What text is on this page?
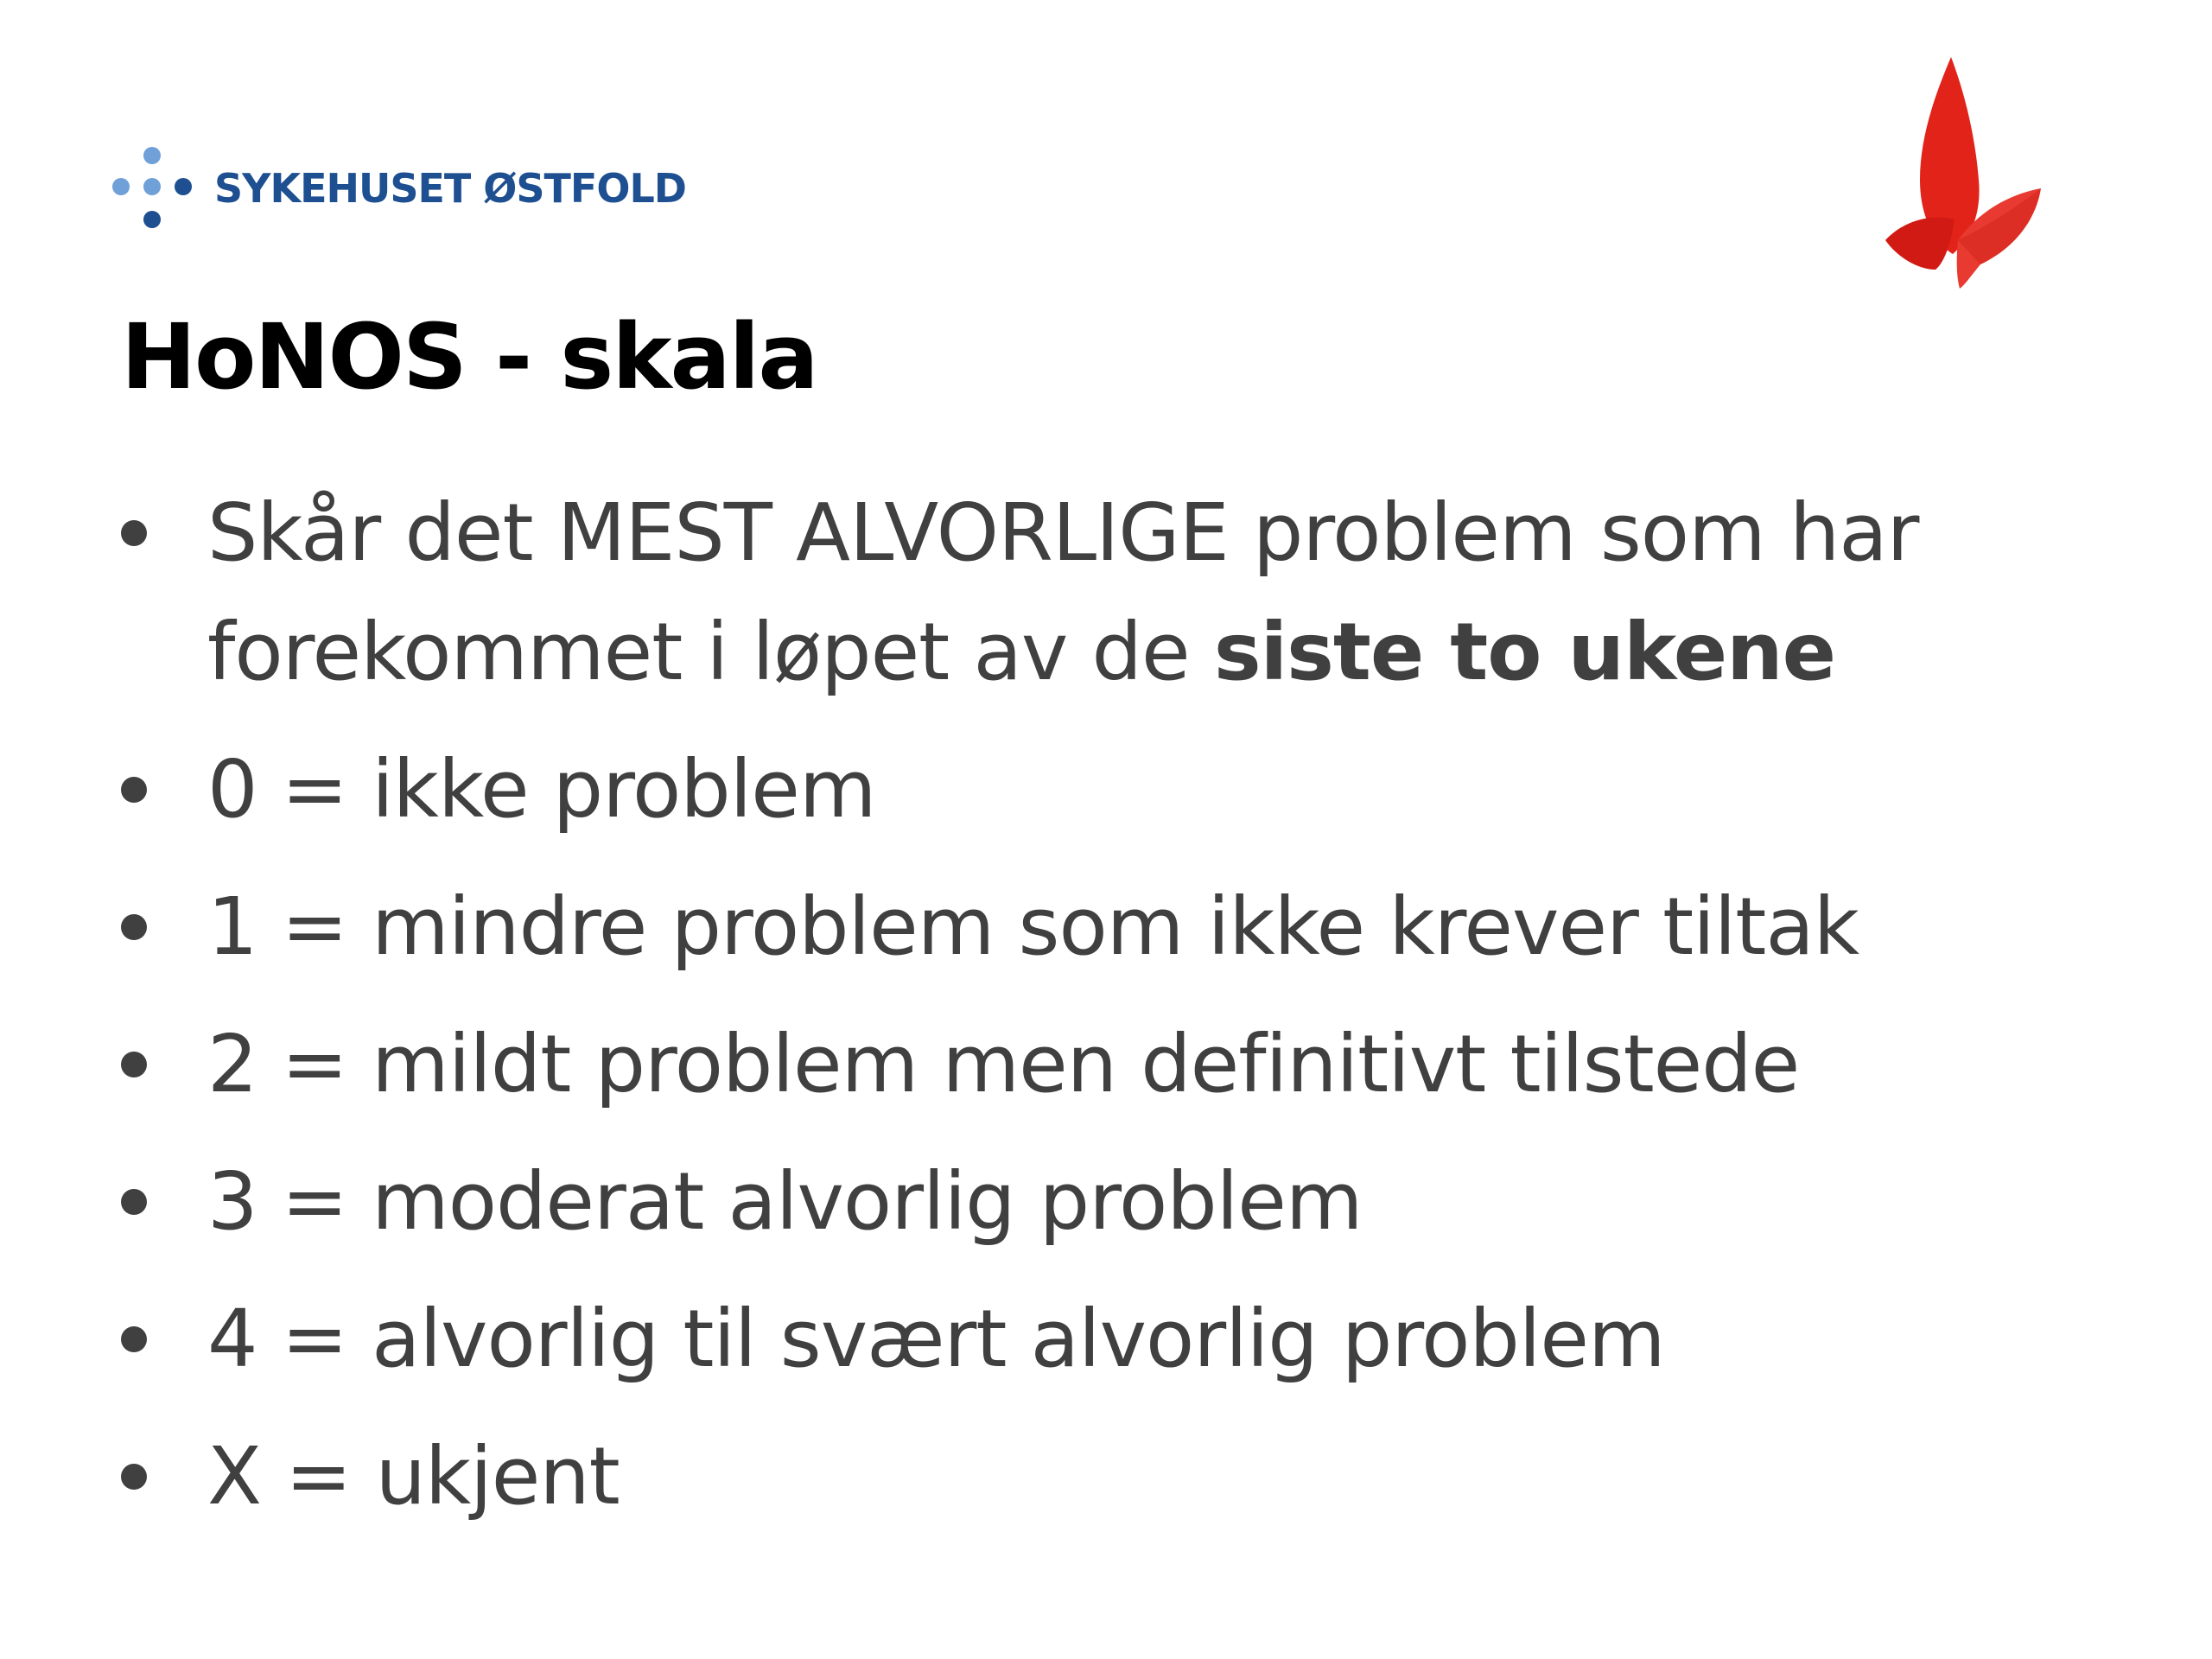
SYKEHUSET ØSTFOLD
HoNOS - skala
Skår det MEST ALVORLIGE problem som har
forekommet i løpet av de siste to ukene
0 = ikke problem
1 = mindre problem som ikke krever tiltak
2 = mildt problem men definitivt tilstede
3 = moderat alvorlig problem
4 = alvorlig til svært alvorlig problem
X = ukjent
